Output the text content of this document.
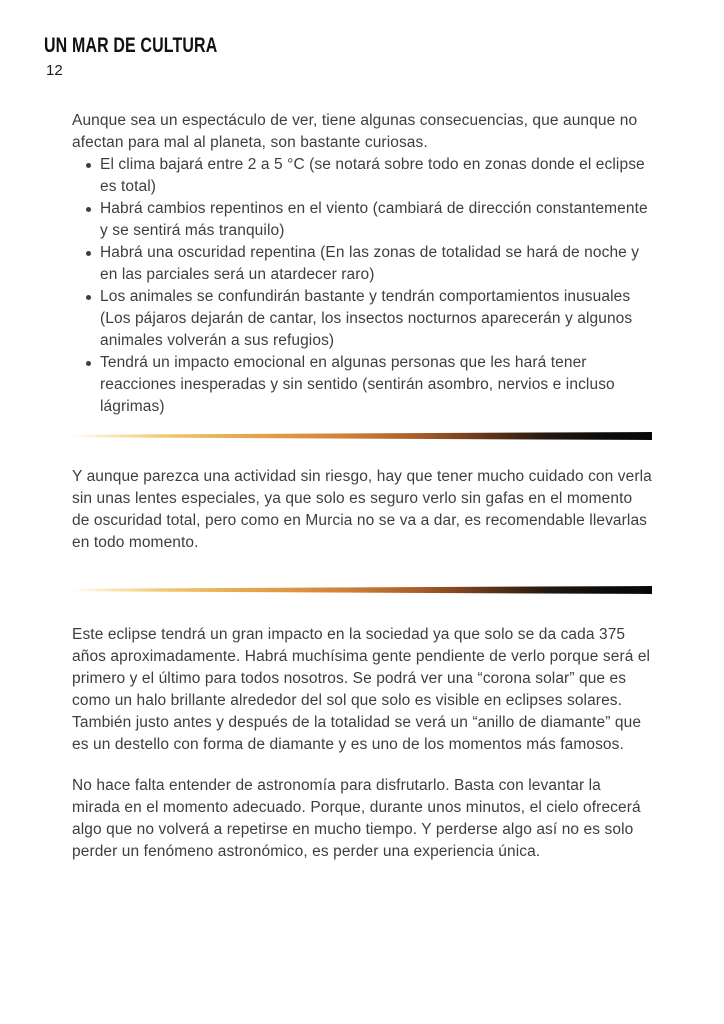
UN MAR DE CULTURA
12

Aunque sea un espectáculo de ver, tiene algunas consecuencias, que aunque no afectan para mal al planeta, son bastante curiosas.

El clima bajará entre 2 a 5 °C (se notará sobre todo en zonas donde el eclipse es total)
Habrá cambios repentinos en el viento (cambiará de dirección constantemente y se sentirá más tranquilo)
Habrá una oscuridad repentina (En las zonas de totalidad se hará de noche y en las parciales será un atardecer raro)
Los animales se confundirán bastante y tendrán comportamientos inusuales (Los pájaros dejarán de cantar, los insectos nocturnos aparecerán y algunos animales volverán a sus refugios)
Tendrá un impacto emocional en algunas personas que les hará tener reacciones inesperadas y sin sentido (sentirán asombro, nervios e incluso lágrimas)

Y aunque parezca una actividad sin riesgo, hay que tener mucho cuidado con verla sin unas lentes especiales, ya que solo es seguro verlo sin gafas en el momento de oscuridad total, pero como en Murcia no se va a dar, es recomendable llevarlas en todo momento.

Este eclipse tendrá un gran impacto en la sociedad ya que solo se da cada 375 años aproximadamente. Habrá muchísima gente pendiente de verlo porque será el primero y el último para todos nosotros. Se podrá ver una “corona solar” que es como un halo brillante alrededor del sol que solo es visible en eclipses solares. También justo antes y después de la totalidad se verá un “anillo de diamante” que es un destello con forma de diamante y es uno de los momentos más famosos.

No hace falta entender de astronomía para disfrutarlo. Basta con levantar la mirada en el momento adecuado. Porque, durante unos minutos, el cielo ofrecerá algo que no volverá a repetirse en mucho tiempo. Y perderse algo así no es solo perder un fenómeno astronómico, es perder una experiencia única.
